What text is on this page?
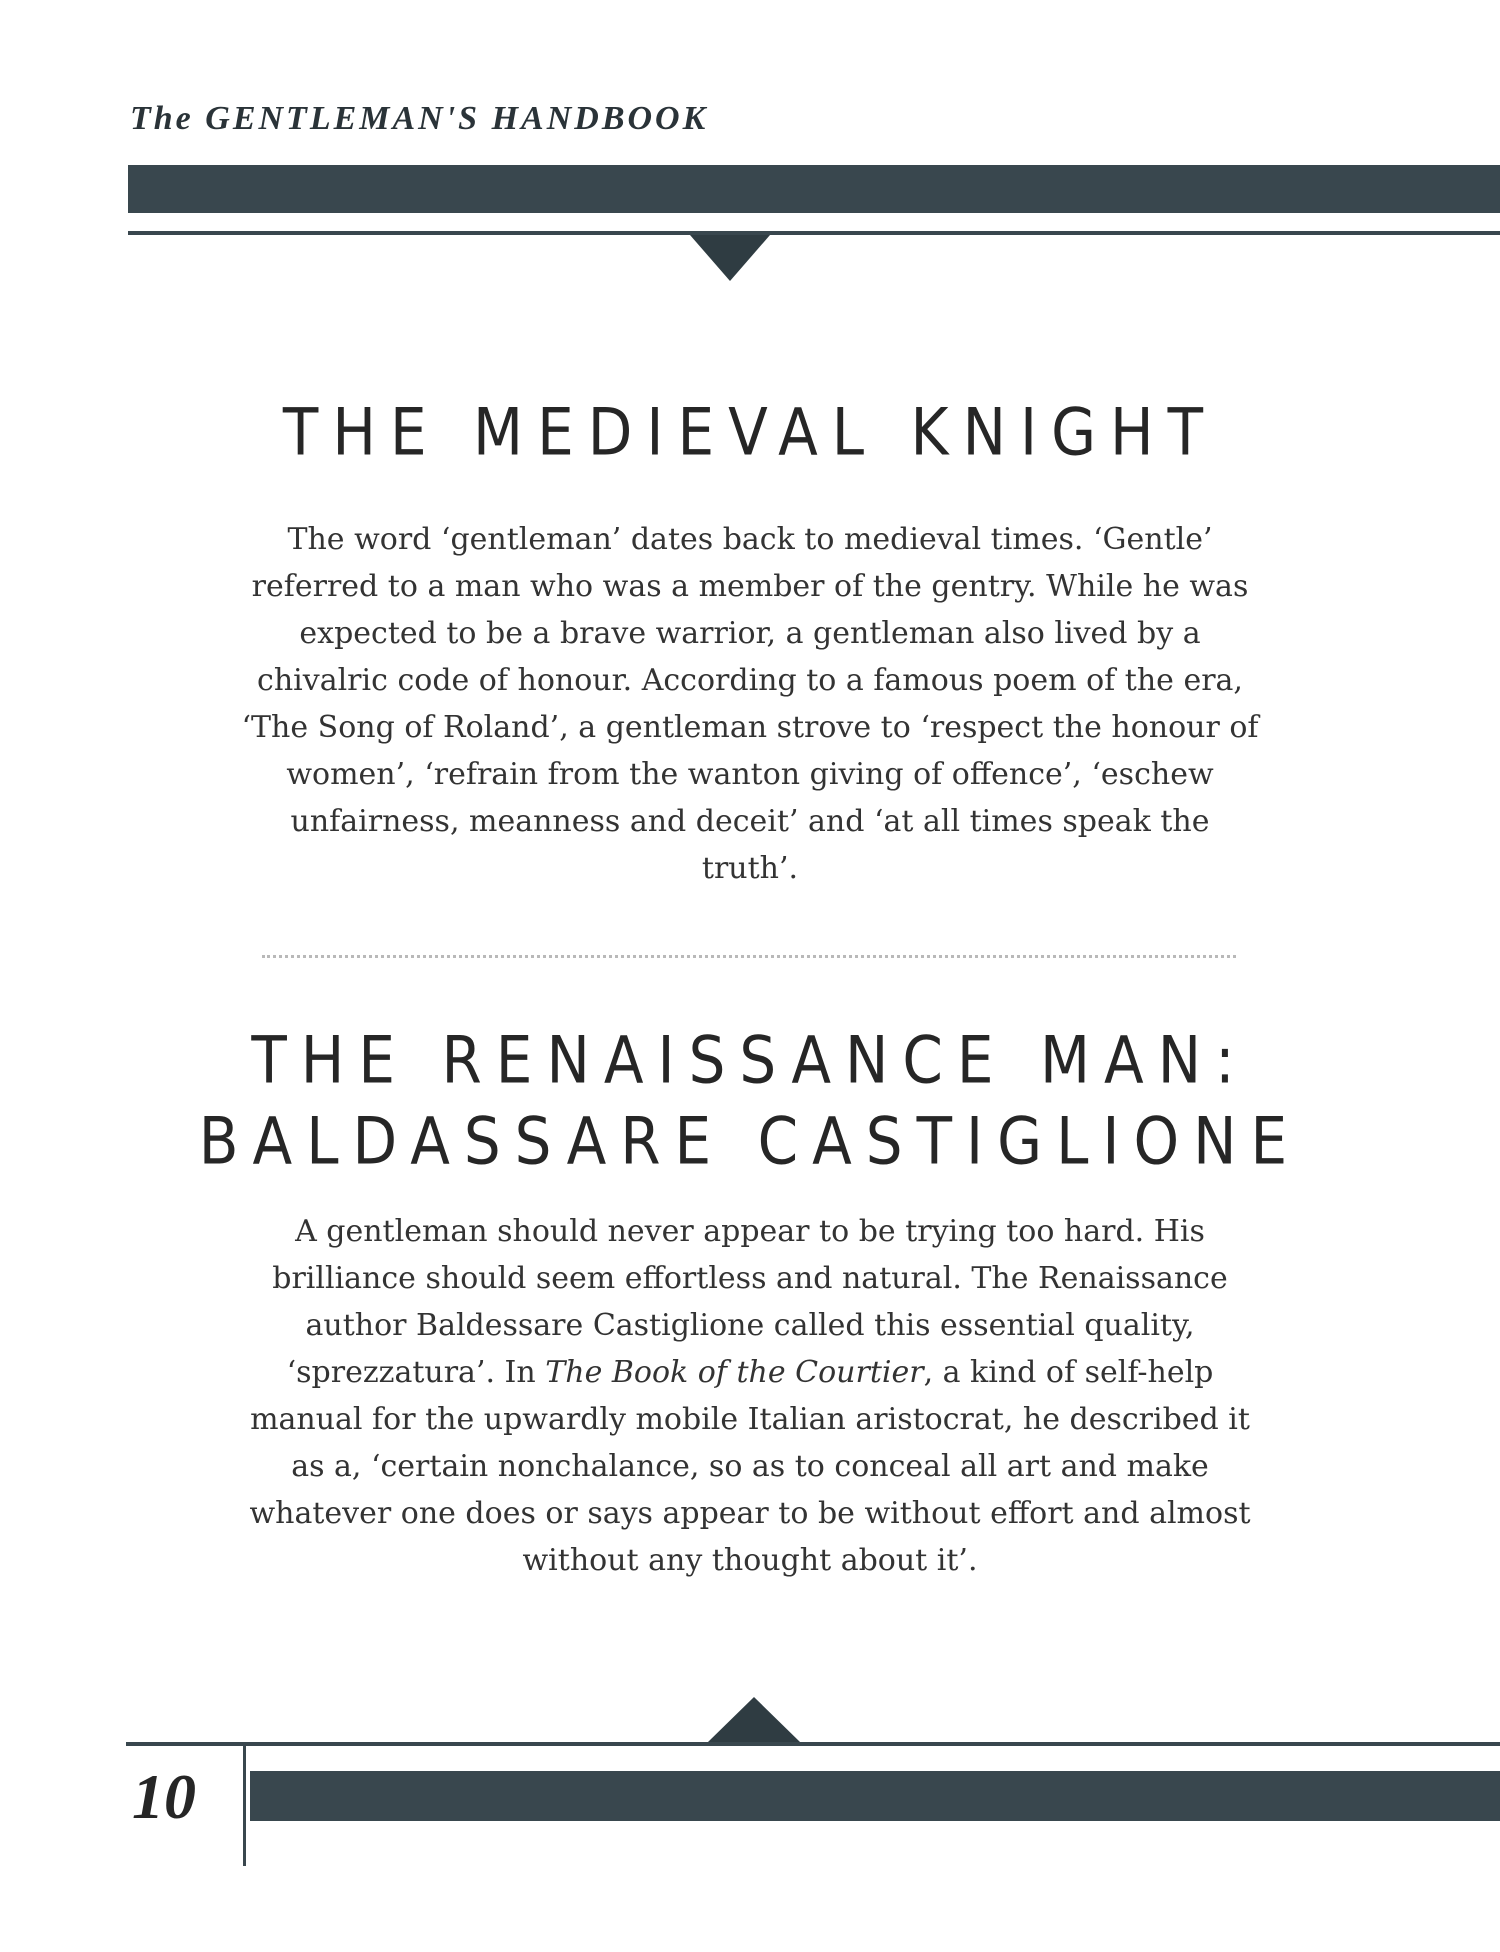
The GENTLEMAN'S HANDBOOK
THE MEDIEVAL KNIGHT

The word ‘gentleman’ dates back to medieval times. ‘Gentle’ referred to a man who was a member of the gentry. While he was expected to be a brave warrior, a gentleman also lived by a chivalric code of honour. According to a famous poem of the era, ‘The Song of Roland’, a gentleman strove to ‘respect the honour of women’, ‘refrain from the wanton giving of offence’, ‘eschew unfairness, meanness and deceit’ and ‘at all times speak the truth’.

THE RENAISSANCE MAN:
BALDASSARE CASTIGLIONE

A gentleman should never appear to be trying too hard. His brilliance should seem effortless and natural. The Renaissance author Baldessare Castiglione called this essential quality, ‘sprezzatura’. In The Book of the Courtier, a kind of self-help manual for the upwardly mobile Italian aristocrat, he described it as a, ‘certain nonchalance, so as to conceal all art and make whatever one does or says appear to be without effort and almost without any thought about it’.

10
